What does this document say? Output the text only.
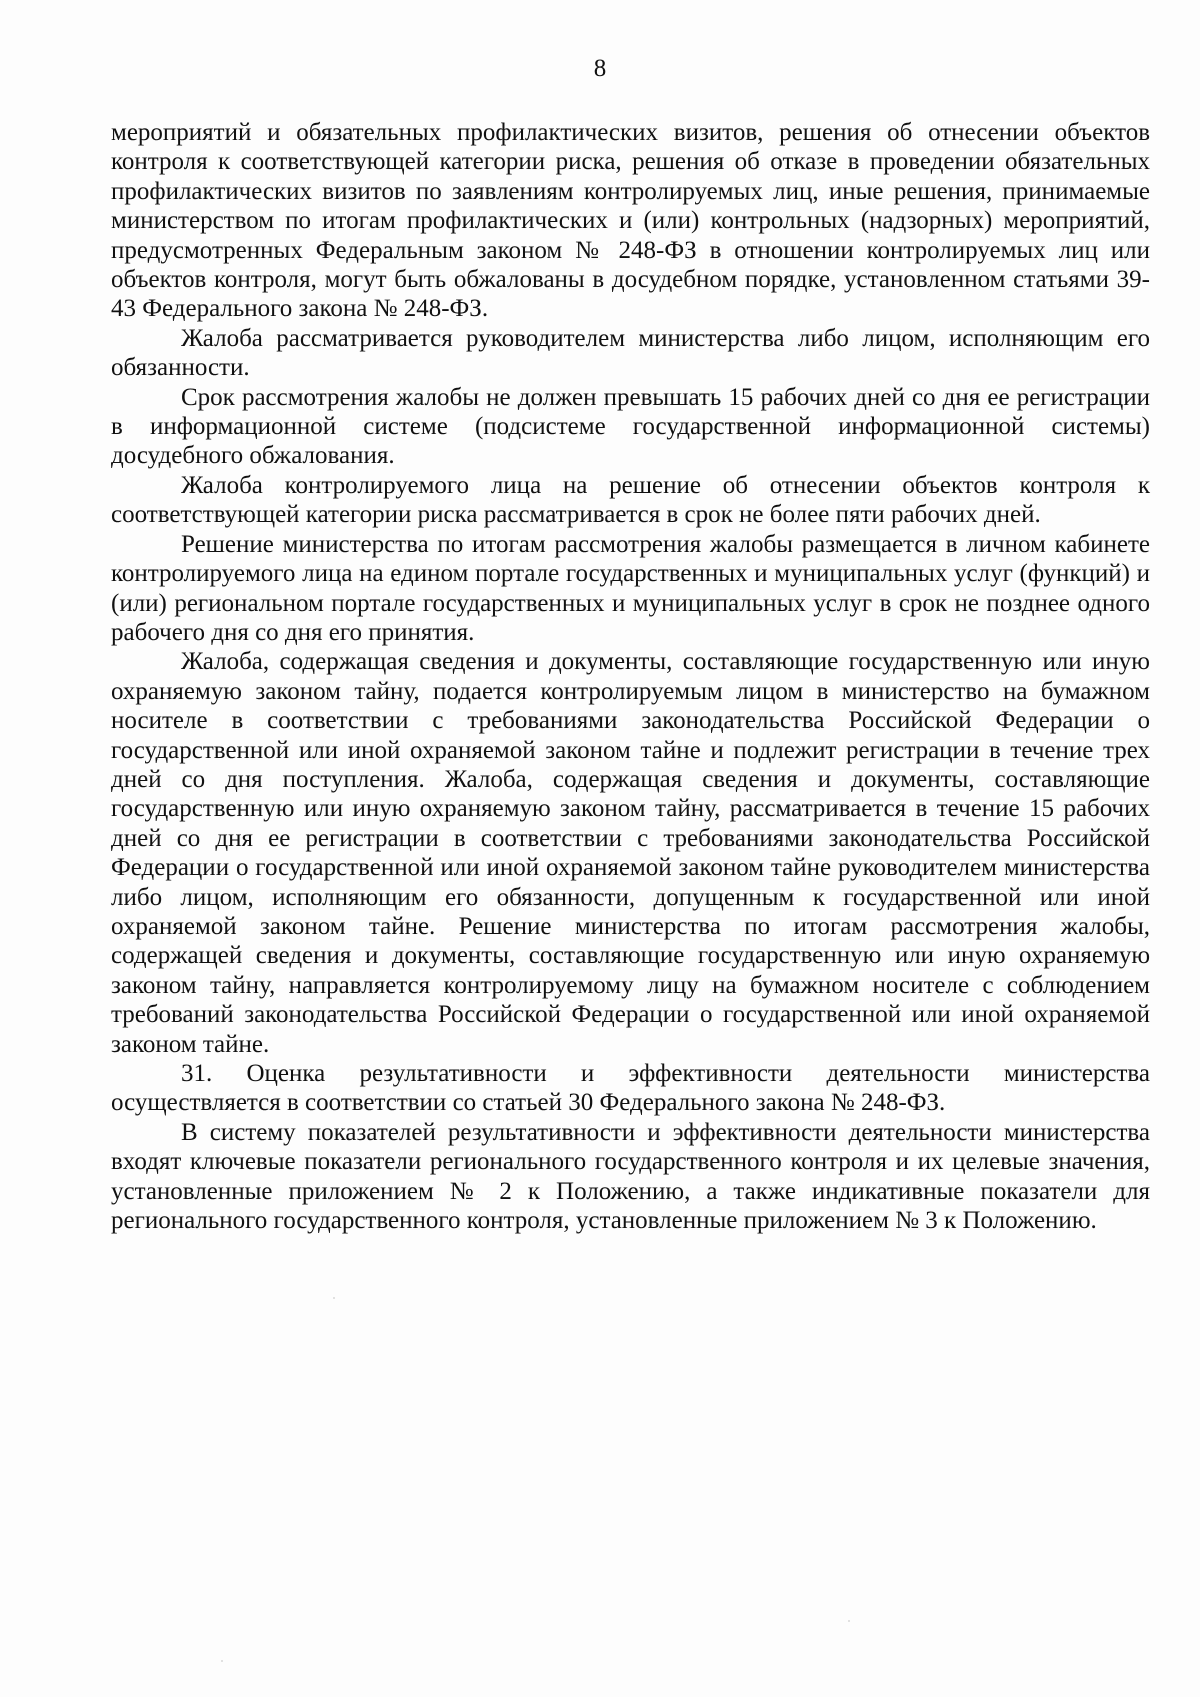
8

мероприятий и обязательных профилактических визитов, решения об отнесении объектов контроля к соответствующей категории риска, решения об отказе в проведении обязательных профилактических визитов по заявлениям контролируемых лиц, иные решения, принимаемые министерством по итогам профилактических и (или) контрольных (надзорных) мероприятий, предусмотренных Федеральным законом № 248-ФЗ в отношении контролируемых лиц или объектов контроля, могут быть обжалованы в досудебном порядке, установленном статьями 39-43 Федерального закона № 248-ФЗ.

Жалоба рассматривается руководителем министерства либо лицом, исполняющим его обязанности.

Срок рассмотрения жалобы не должен превышать 15 рабочих дней со дня ее регистрации в информационной системе (подсистеме государственной информационной системы) досудебного обжалования.

Жалоба контролируемого лица на решение об отнесении объектов контроля к соответствующей категории риска рассматривается в срок не более пяти рабочих дней.

Решение министерства по итогам рассмотрения жалобы размещается в личном кабинете контролируемого лица на едином портале государственных и муниципальных услуг (функций) и (или) региональном портале государственных и муниципальных услуг в срок не позднее одного рабочего дня со дня его принятия.

Жалоба, содержащая сведения и документы, составляющие государственную или иную охраняемую законом тайну, подается контролируемым лицом в министерство на бумажном носителе в соответствии с требованиями законодательства Российской Федерации о государственной или иной охраняемой законом тайне и подлежит регистрации в течение трех дней со дня поступления. Жалоба, содержащая сведения и документы, составляющие государственную или иную охраняемую законом тайну, рассматривается в течение 15 рабочих дней со дня ее регистрации в соответствии с требованиями законодательства Российской Федерации о государственной или иной охраняемой законом тайне руководителем министерства либо лицом, исполняющим его обязанности, допущенным к государственной или иной охраняемой законом тайне. Решение министерства по итогам рассмотрения жалобы, содержащей сведения и документы, составляющие государственную или иную охраняемую законом тайну, направляется контролируемому лицу на бумажном носителе с соблюдением требований законодательства Российской Федерации о государственной или иной охраняемой законом тайне.

31. Оценка результативности и эффективности деятельности министерства осуществляется в соответствии со статьей 30 Федерального закона № 248-ФЗ.

В систему показателей результативности и эффективности деятельности министерства входят ключевые показатели регионального государственного контроля и их целевые значения, установленные приложением № 2 к Положению, а также индикативные показатели для регионального государственного контроля, установленные приложением № 3 к Положению.
